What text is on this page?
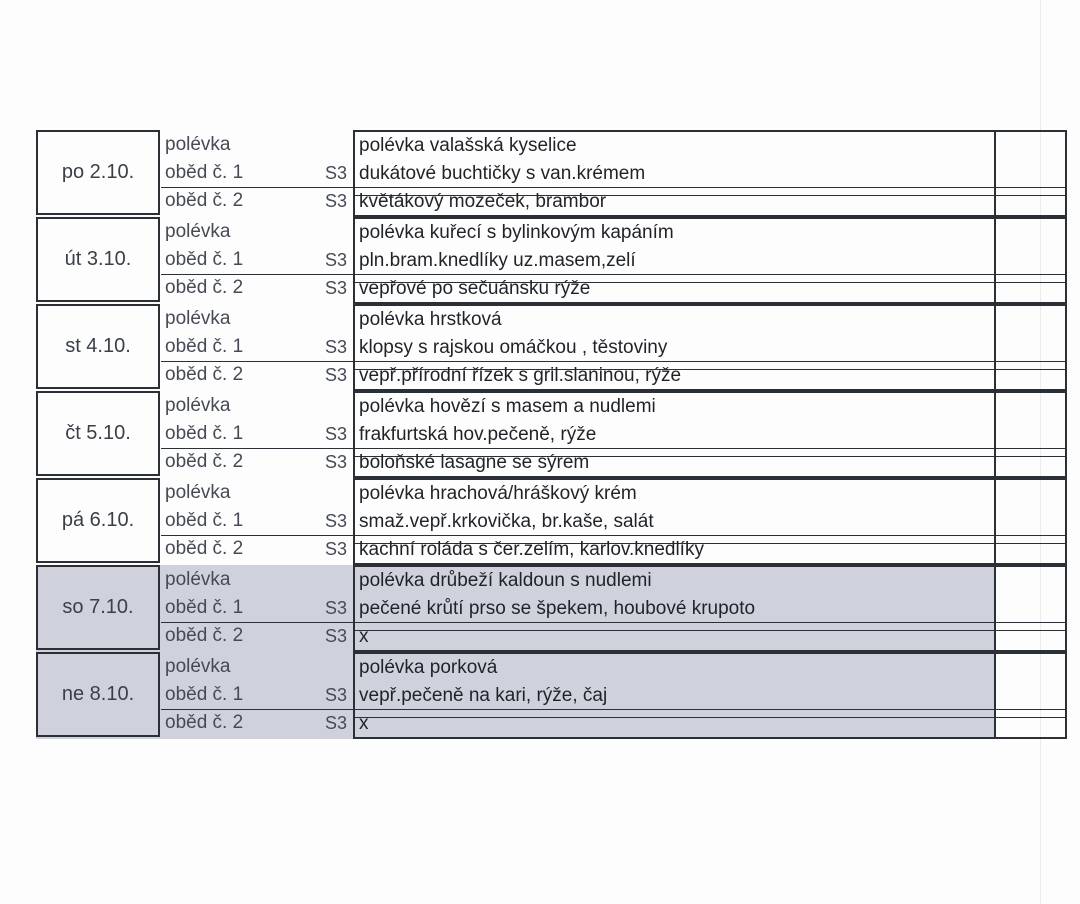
po 2.10.
polévka	polévka valašská kyselice
oběd č. 1	S3 dukátové buchtičky s van.krémem
oběd č. 2	S3 květákový mozeček, brambor
út 3.10.
polévka	polévka kuřecí s bylinkovým kapáním
oběd č. 1	S3 pln.bram.knedlíky uz.masem,zelí
oběd č. 2	S3 vepřové po sečuánsku rýže
st 4.10.
polévka	polévka hrstková
oběd č. 1	S3 klopsy s rajskou omáčkou , těstoviny
oběd č. 2	S3 vepř.přírodní řízek s gril.slaninou, rýže
čt 5.10.
polévka	polévka hovězí s masem a nudlemi
oběd č. 1	S3 frakfurtská hov.pečeně, rýže
oběd č. 2	S3 boloňské lasagne se sýrem
pá 6.10.
polévka	polévka hrachová/hráškový krém
oběd č. 1	S3 smaž.vepř.krkovička, br.kaše, salát
oběd č. 2	S3 kachní roláda s čer.zelím, karlov.knedlíky
so 7.10.
polévka	polévka drůbeží kaldoun s nudlemi
oběd č. 1	S3 pečené krůtí prso se špekem, houbové krupoto
oběd č. 2	S3 x
ne 8.10.
polévka	polévka porková
oběd č. 1	S3 vepř.pečeně na kari, rýže, čaj
oběd č. 2	S3 x
